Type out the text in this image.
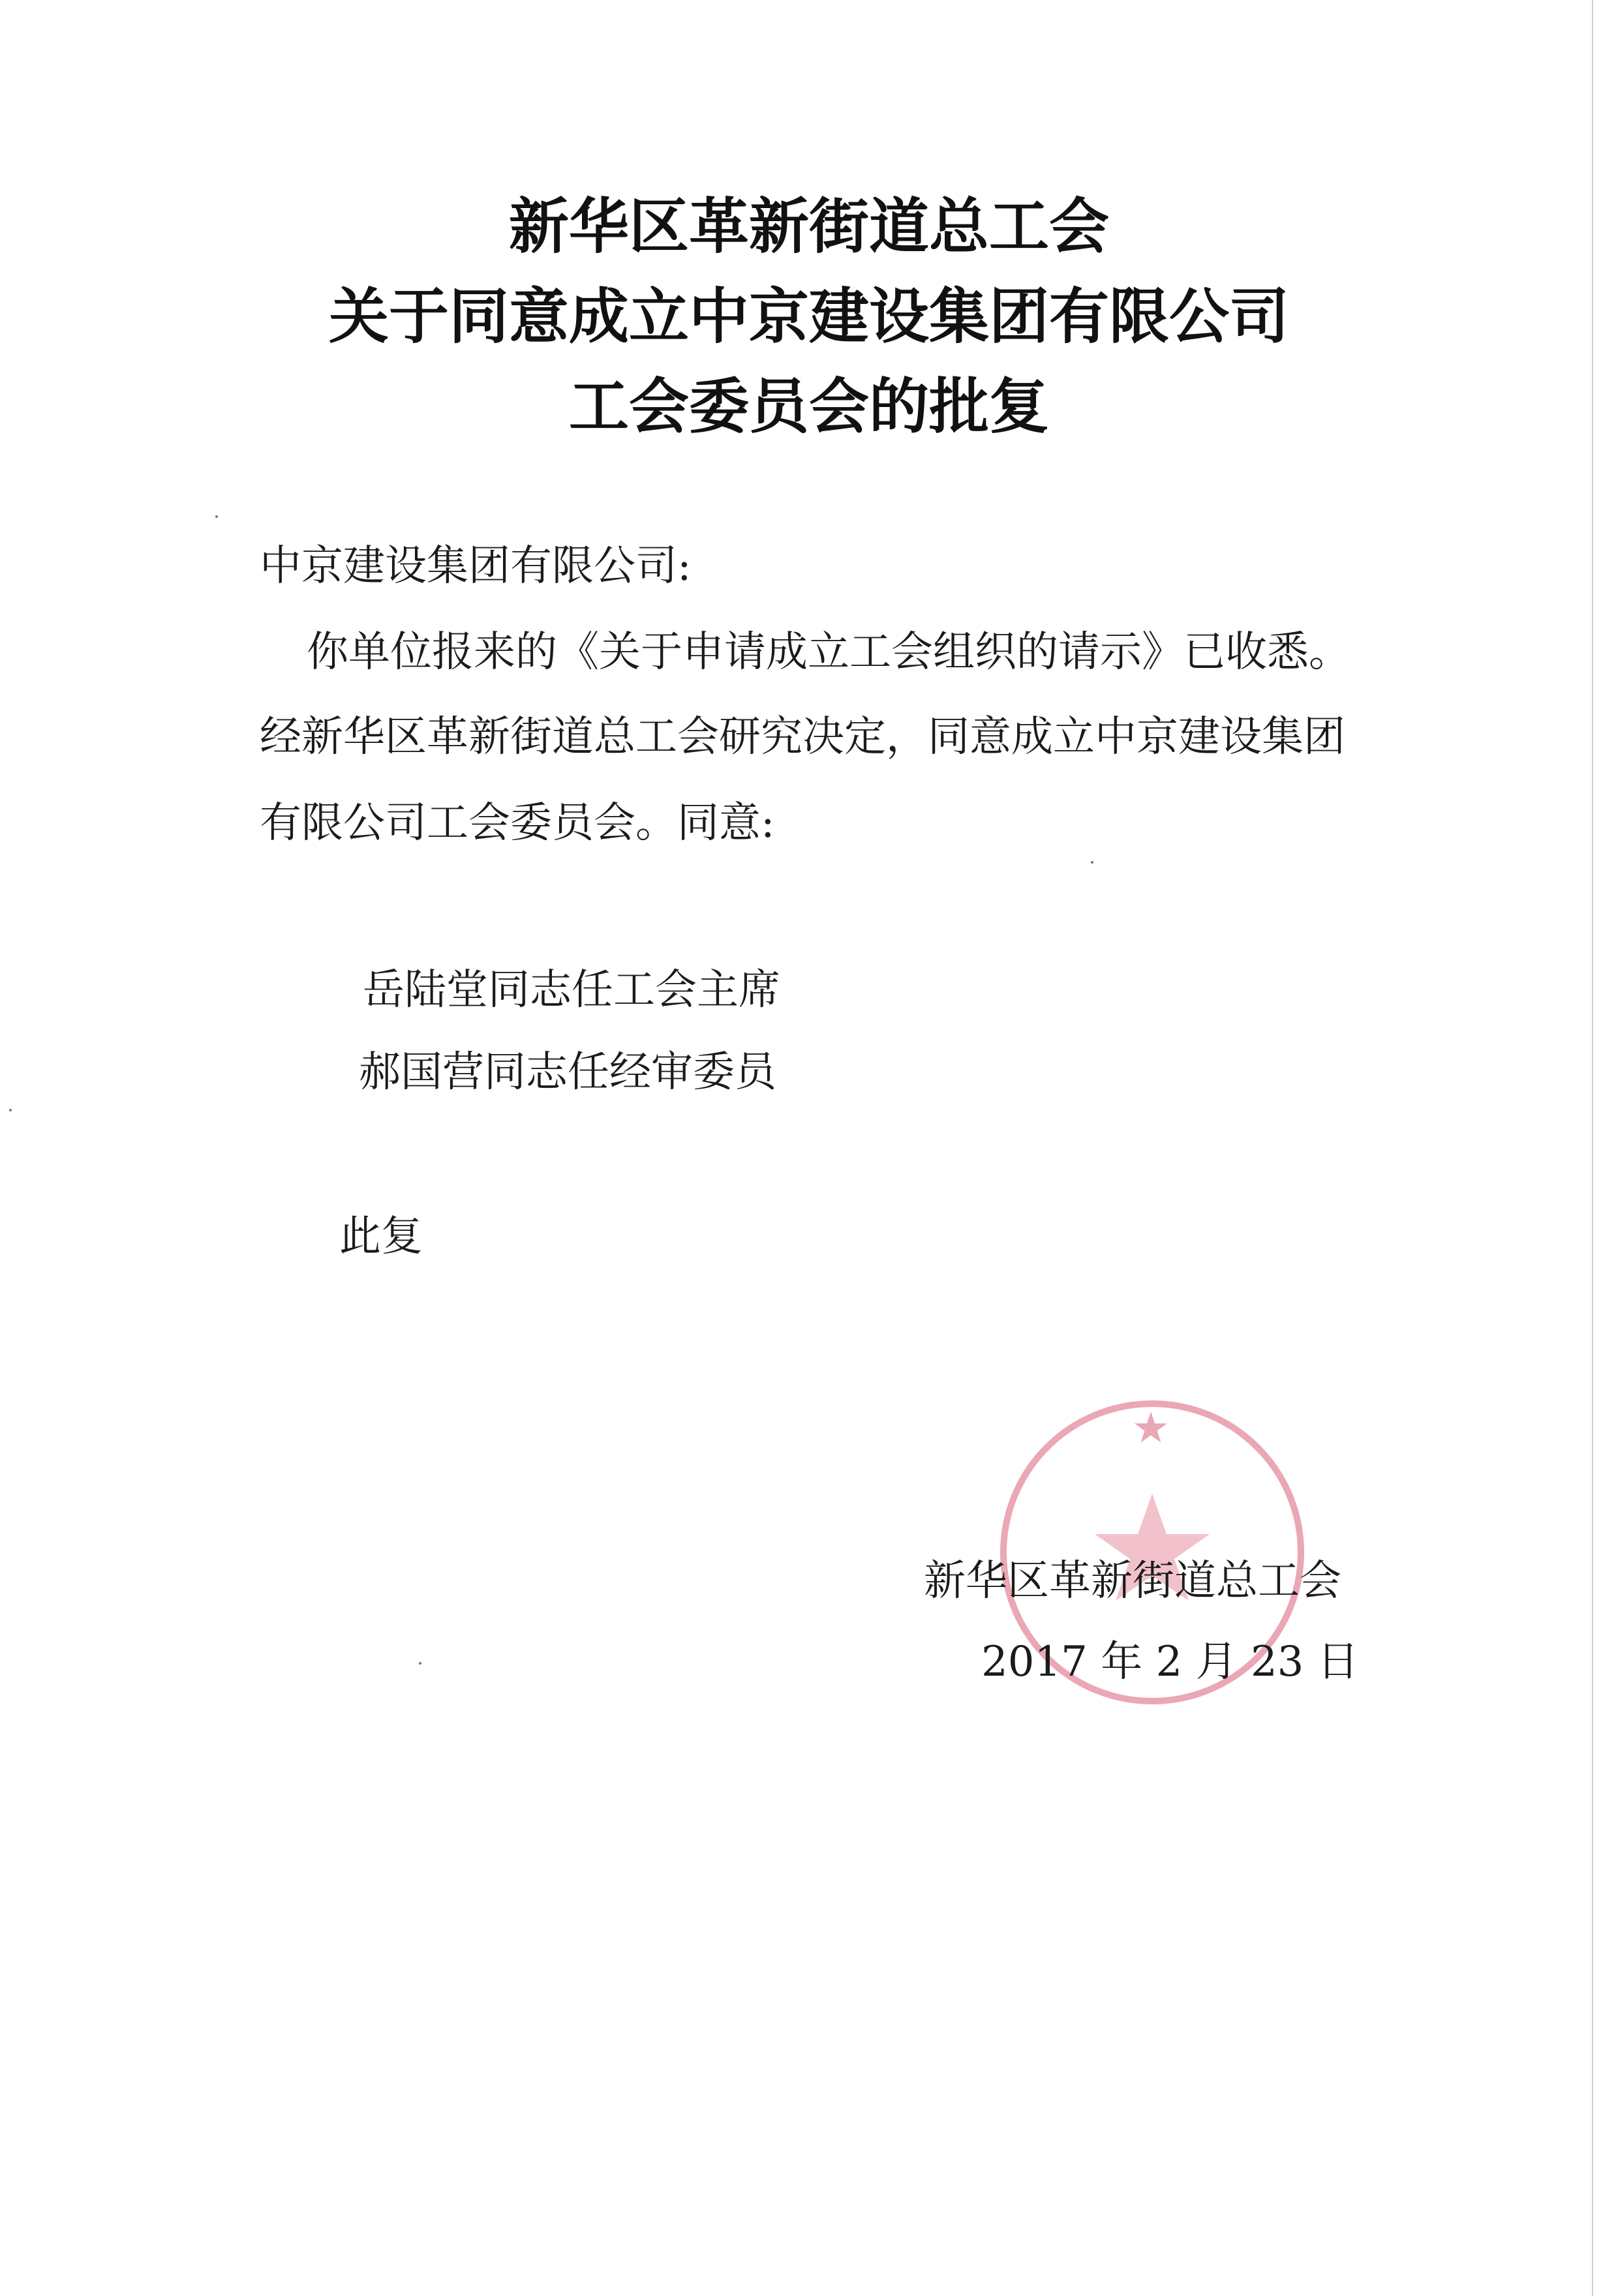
新华区革新街道总工会
关于同意成立中京建设集团有限公司
工会委员会的批复
中京建设集团有限公司:
你单位报来的《关于申请成立工会组织的请示》已收悉。
经新华区革新街道总工会研究决定，同意成立中京建设集团
有限公司工会委员会。同意:
岳陆堂同志任工会主席
郝国营同志任经审委员
此复
★
新华区革新街道总工会
2017 年 2 月 23 日
